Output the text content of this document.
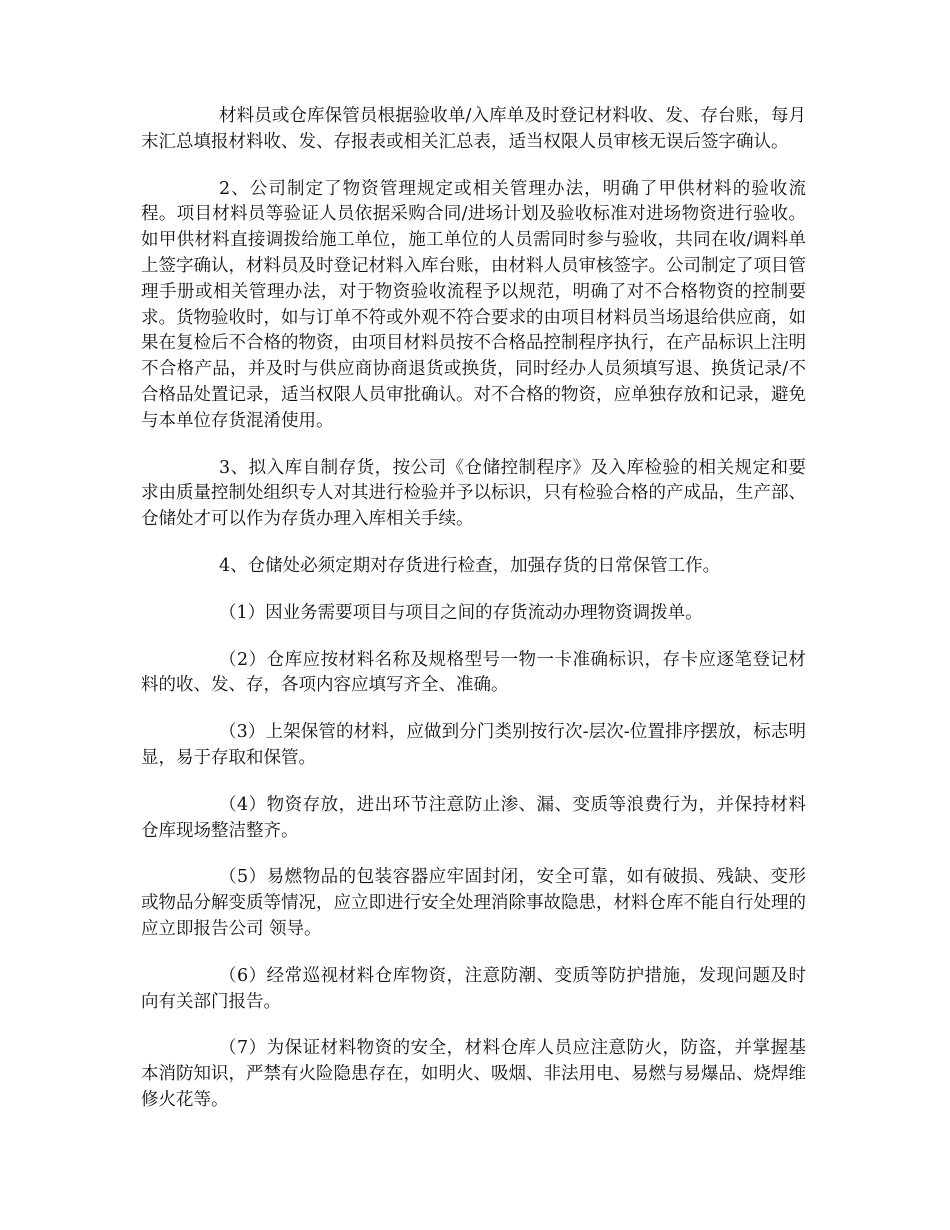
材料员或仓库保管员根据验收单/入库单及时登记材料收、发、存台账，每月末汇总填报材料收、发、存报表或相关汇总表，适当权限人员审核无误后签字确认。

2、公司制定了物资管理规定或相关管理办法，明确了甲供材料的验收流程。项目材料员等验证人员依据采购合同/进场计划及验收标准对进场物资进行验收。如甲供材料直接调拨给施工单位，施工单位的人员需同时参与验收，共同在收/调料单上签字确认，材料员及时登记材料入库台账，由材料人员审核签字。公司制定了项目管理手册或相关管理办法，对于物资验收流程予以规范，明确了对不合格物资的控制要求。货物验收时，如与订单不符或外观不符合要求的由项目材料员当场退给供应商，如果在复检后不合格的物资，由项目材料员按不合格品控制程序执行，在产品标识上注明不合格产品，并及时与供应商协商退货或换货，同时经办人员须填写退、换货记录/不合格品处置记录，适当权限人员审批确认。对不合格的物资，应单独存放和记录，避免与本单位存货混淆使用。

3、拟入库自制存货，按公司《仓储控制程序》及入库检验的相关规定和要求由质量控制处组织专人对其进行检验并予以标识，只有检验合格的产成品，生产部、仓储处才可以作为存货办理入库相关手续。

4、仓储处必须定期对存货进行检查，加强存货的日常保管工作。

（1）因业务需要项目与项目之间的存货流动办理物资调拨单。

（2）仓库应按材料名称及规格型号一物一卡准确标识，存卡应逐笔登记材料的收、发、存，各项内容应填写齐全、准确。

（3）上架保管的材料，应做到分门类别按行次-层次-位置排序摆放，标志明显，易于存取和保管。

（4）物资存放，进出环节注意防止渗、漏、变质等浪费行为，并保持材料仓库现场整洁整齐。

（5）易燃物品的包装容器应牢固封闭，安全可靠，如有破损、残缺、变形或物品分解变质等情况，应立即进行安全处理消除事故隐患，材料仓库不能自行处理的应立即报告公司 领导。

（6）经常巡视材料仓库物资，注意防潮、变质等防护措施，发现问题及时向有关部门报告。

（7）为保证材料物资的安全，材料仓库人员应注意防火，防盗，并掌握基本消防知识，严禁有火险隐患存在，如明火、吸烟、非法用电、易燃与易爆品、烧焊维修火花等。
